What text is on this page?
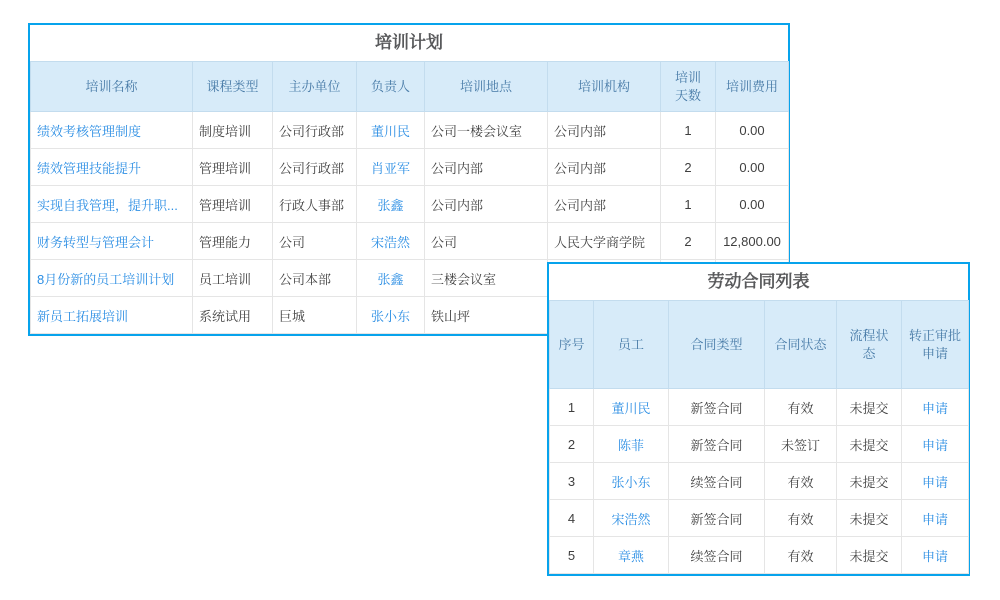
培训计划
培训名称	课程类型	主办单位	负责人	培训地点	培训机构	培训天数	培训费用
绩效考核管理制度	制度培训	公司行政部	董川民	公司一楼会议室	公司内部	1	0.00
绩效管理技能提升	管理培训	公司行政部	肖亚军	公司内部	公司内部	2	0.00
实现自我管理，提升职...	管理培训	行政人事部	张鑫	公司内部	公司内部	1	0.00
财务转型与管理会计	管理能力	公司	宋浩然	公司	人民大学商学院	2	12,800.00
8月份新的员工培训计划	员工培训	公司本部	张鑫	三楼会议室			
新员工拓展培训	系统试用	巨城	张小东	铁山坪			
劳动合同列表
序号	员工	合同类型	合同状态	流程状态	转正审批申请
1	董川民	新签合同	有效	未提交	申请
2	陈菲	新签合同	未签订	未提交	申请
3	张小东	续签合同	有效	未提交	申请
4	宋浩然	新签合同	有效	未提交	申请
5	章燕	续签合同	有效	未提交	申请
